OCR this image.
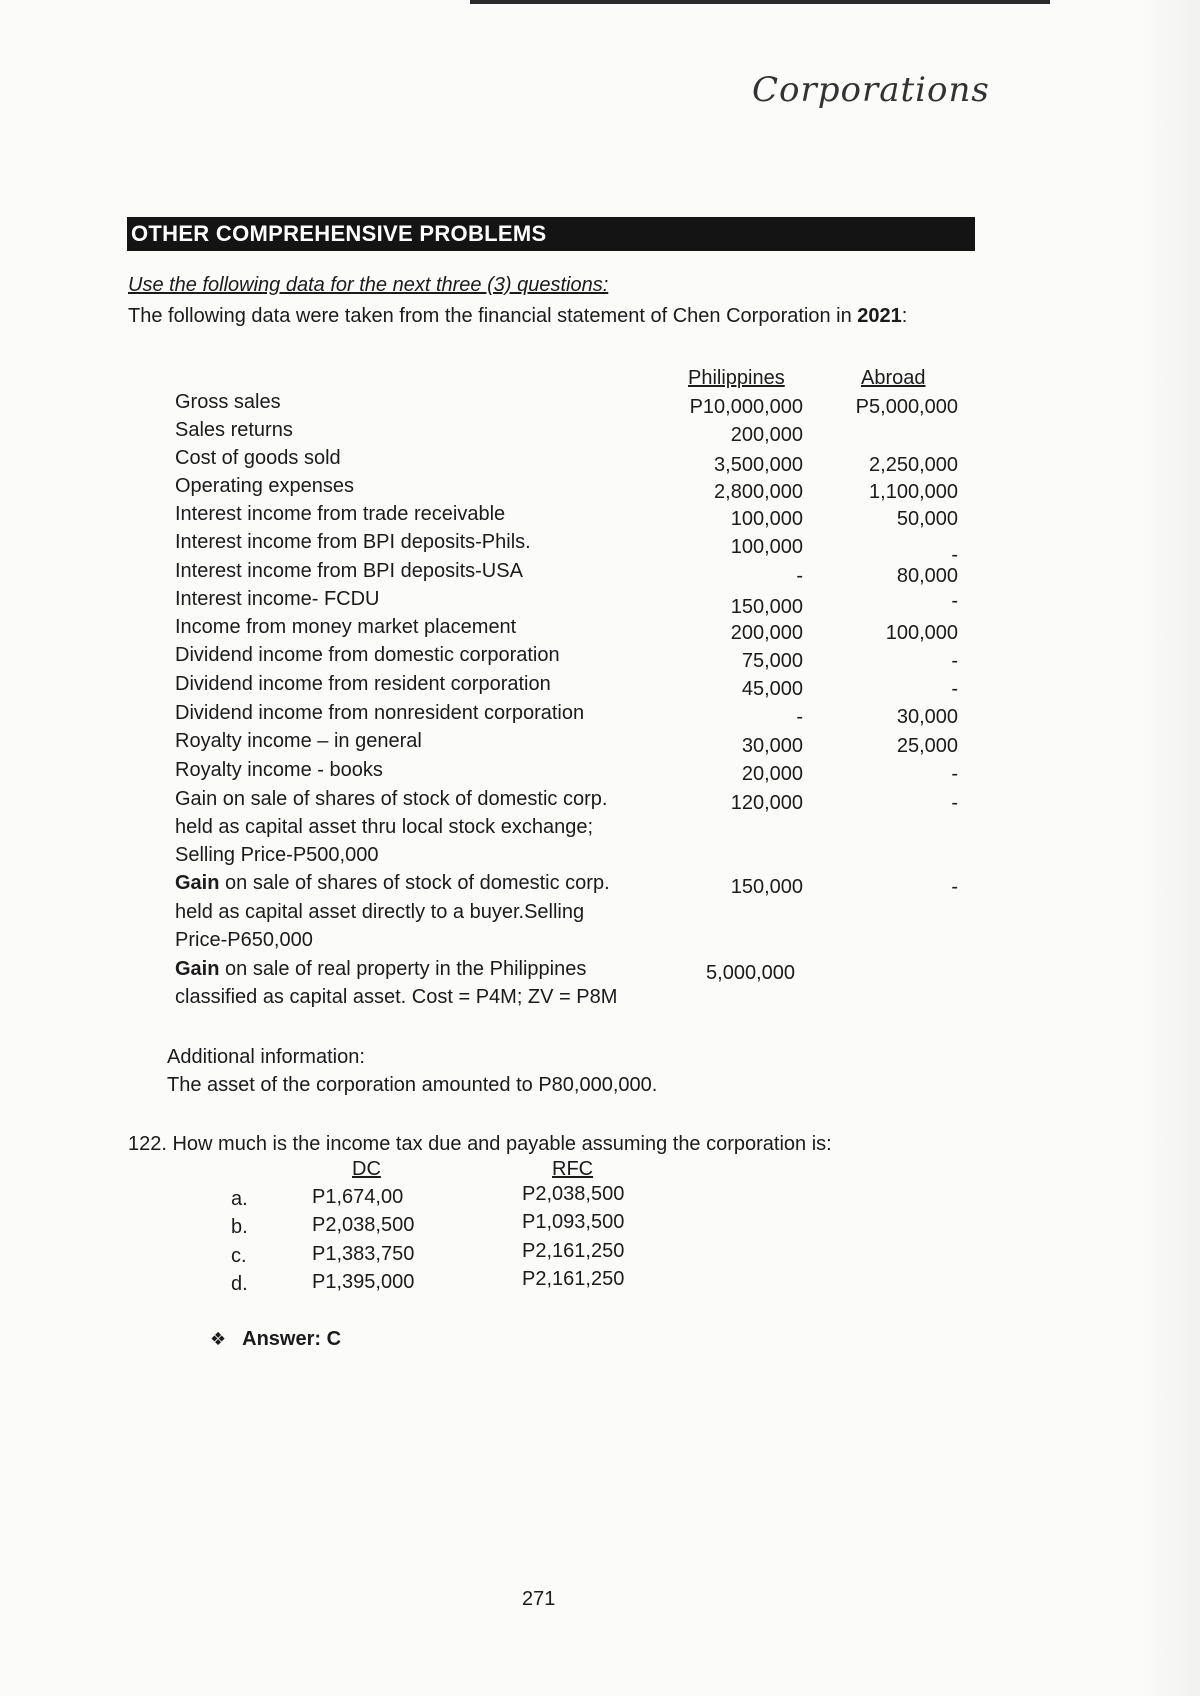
Corporations
OTHER COMPREHENSIVE PROBLEMS
Use the following data for the next three (3) questions:
The following data were taken from the financial statement of Chen Corporation in 2021:
Philippines	Abroad
Gross sales	P10,000,000	P5,000,000
Sales returns	200,000
Cost of goods sold	3,500,000	2,250,000
Operating expenses	2,800,000	1,100,000
Interest income from trade receivable	100,000	50,000
Interest income from BPI deposits-Phils.	100,000	-
Interest income from BPI deposits-USA	-	80,000
Interest income- FCDU	150,000	-
Income from money market placement	200,000	100,000
Dividend income from domestic corporation	75,000	-
Dividend income from resident corporation	45,000	-
Dividend income from nonresident corporation	-	30,000
Royalty income – in general	30,000	25,000
Royalty income - books	20,000	-
Gain on sale of shares of stock of domestic corp.
held as capital asset thru local stock exchange;
Selling Price-P500,000
120,000	-
Gain on sale of shares of stock of domestic corp.
held as capital asset directly to a buyer.Selling
Price-P650,000
150,000	-
Gain on sale of real property in the Philippines
classified as capital asset. Cost = P4M; ZV = P8M
5,000,000
Additional information:
The asset of the corporation amounted to P80,000,000.
122. How much is the income tax due and payable assuming the corporation is:
DC	RFC
a.	P1,674,00	P2,038,500
b.	P2,038,500	P1,093,500
c.	P1,383,750	P2,161,250
d.	P1,395,000	P2,161,250
❖ Answer: C
271
